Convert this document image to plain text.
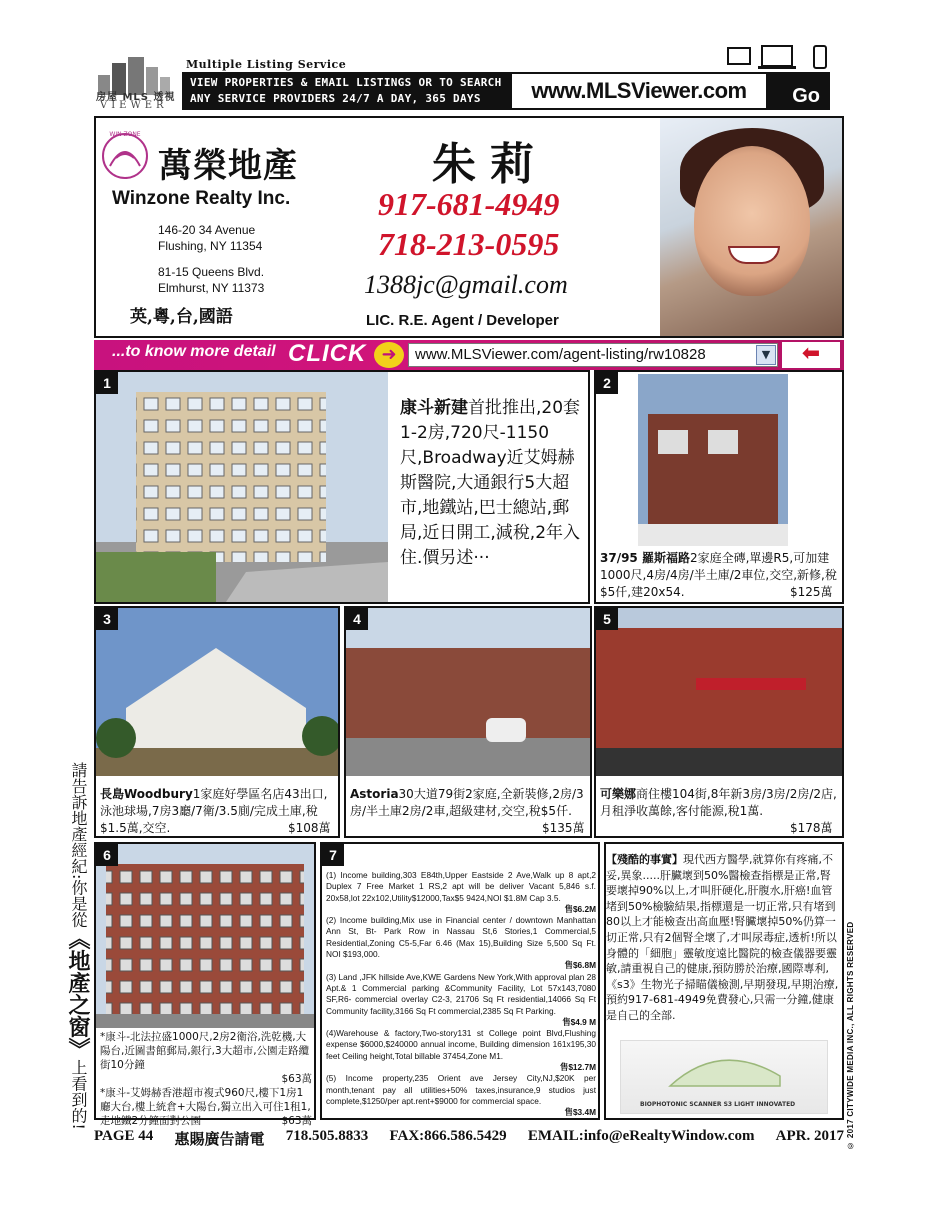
房屋 MLS 透視
VIEWER
Multiple Listing Service
VIEW PROPERTIES & EMAIL LISTINGS OR TO SEARCH
ANY SERVICE PROVIDERS 24/7 A DAY, 365 DAYS	www.MLSViewer.com	Go
WIN ZONE
萬榮地產
Winzone Realty Inc.
146-20 34 Avenue
Flushing, NY 11354
81-15 Queens Blvd.
Elmhurst, NY 11373
英,粵,台,國語
朱莉
917-681-4949
718-213-0595
1388jc@gmail.com
LIC. R.E. Agent / Developer
...to know more detail CLICK ➜	www.MLSViewer.com/agent-listing/rw10828	▼	⬅
1
康斗新建首批推出,20套1-2房,720尺-1150尺,Broadway近艾姆赫斯醫院,大通銀行5大超市,地鐵站,巴士總站,郵局,近日開工,減稅,2年入住.價另述···
2
37/95 羅斯福路2家庭全磚,單邊R5,可加建1000尺,4房/4房/半土庫/2車位,交空,新修,稅$5仟,建20x54.	$125萬
3
長島Woodbury1家庭好學區名店43出口,泳池球場,7房3廳/7衛/3.5廁/完成土庫,稅$1.5萬,交空.	$108萬
4
Astoria30大道79街2家庭,全新裝修,2房/3房/半土庫2房/2車,超級建材,交空,稅$5仟.
$135萬
5
可樂娜商住樓104街,8年新3房/3房/2房/2店,月租淨收萬餘,客付能源,稅1萬.
$178萬
6
*康斗-北法拉盛1000尺,2房2衛浴,洗乾機,大陽台,近圖書館郵局,銀行,3大超市,公園走路纜街10分鐘
$63萬
*康斗-艾姆赫香港超市複式960尺,樓下1房1廳大台,樓上統倉+大陽台,獨立出入可住1租1,走地鐵2分鐘面對公園	$63萬
7
(1) Income building,303 E84th,Upper Eastside 2 Ave,Walk up 8 apt,2 Duplex 7 Free Market 1 RS,2 apt will be deliver Vacant 5,846 s.f. 20x58,lot 22x102,Utility$12000,Tax$5 9424,NOI $1.8M Cap 3.5.
售$6.2M
(2) Income building,Mix use in Financial center / downtown Manhattan Ann St, Bt- Park Row in Nassau St,6 Stories,1 Commercial,5 Residential,Zoning C5-5,Far 6.46 (Max 15),Building Size 5,500 Sq Ft. NOI $193,000.
售$6.8M
(3) Land ,JFK hillside Ave,KWE Gardens New York,With approval plan 28 Apt.& 1 Commercial parking &Community Facility, Lot 57x143,7080 SF,R6- commercial overlay C2-3, 21706 Sq Ft residential,14066 Sq Ft Community facility,3166 Sq Ft commercial,2385 Sq Ft Parking.
售$4.9 M
(4)Warehouse & factory,Two-story131 st College point Blvd,Flushing expense $6000,$240000 annual income, Building dimension 161x195,30 feet Ceiling height,Total billable 37454,Zone M1.
售$12.7M
(5) Income property,235 Orient ave Jersey City,NJ,$20K per month,tenant pay all utilities+50% taxes,insurance,9 studios just complete,$1250/per apt.rent+$9000 for commercial space.
售$3.4M
【殘酷的事實】現代西方醫學,就算你有疼痛,不妥,異象.....肝臟壞到50%醫檢查指標是正常,腎要壞掉90%以上,才叫肝硬化,肝腹水,肝癌!血管堵到50%檢驗結果,指標還是一切正常,只有堵到80以上才能檢查出高血壓!腎臟壞掉50%仍算一切正常,只有2個腎全壞了,才叫尿毒症,透析!所以身體的「細胞」靈敏度遠比醫院的檢查儀器要靈敏,請重視自己的健康,預防勝於治療,國際專利,《s3》生物光子掃瞄儀檢測,早期發現,早期治療,預約917-681-4949免費發心,只需一分鐘,健康是自己的全部.
BIOPHOTONIC SCANNER S3 LIGHT INNOVATED
請告訴地產經紀:你是從《地產之窗》上看到的!	© 2017 CITYWIDE MEDIA INC., ALL RIGHTS RESERVED
PAGE 44 惠賜廣告請電 718.505.8833 FAX:866.586.5429 EMAIL:info@eRealtyWindow.com APR. 2017
